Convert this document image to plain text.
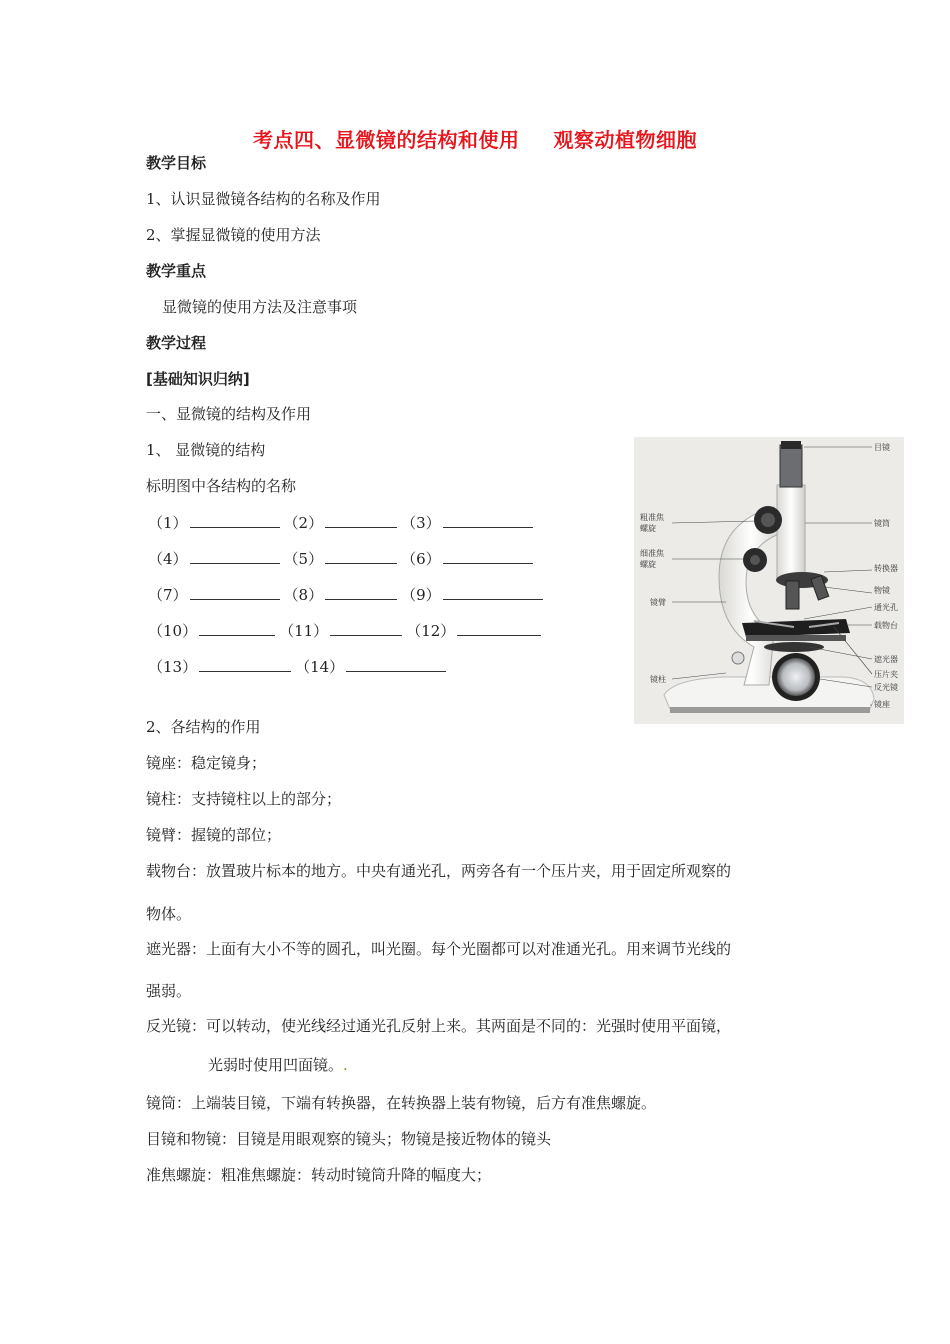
考点四、显微镜的结构和使用 观察动植物细胞
教学目标
1、认识显微镜各结构的名称及作用
2、掌握显微镜的使用方法
教学重点
显微镜的使用方法及注意事项
教学过程
[基础知识归纳]
一、显微镜的结构及作用
1、 显微镜的结构
标明图中各结构的名称
（1）	（2）	（3）
（4）	（5）	（6）
（7）	（8）	（9）
（10）	（11）	（12）
（13）	（14）
目镜
镜筒
粗准焦
螺旋
细准焦
螺旋	转换器
物镜
通光孔
载物台
镜臂
遮光器
压片夹
反光镜
镜柱
镜座
2、各结构的作用
镜座：稳定镜身；
镜柱：支持镜柱以上的部分；
镜臂：握镜的部位；
载物台：放置玻片标本的地方。中央有通光孔，两旁各有一个压片夹，用于固定所观察的
物体。
遮光器：上面有大小不等的圆孔，叫光圈。每个光圈都可以对准通光孔。用来调节光线的
强弱。
反光镜：可以转动，使光线经过通光孔反射上来。其两面是不同的：光强时使用平面镜，
光弱时使用凹面镜。.
镜筒：上端装目镜，下端有转换器，在转换器上装有物镜，后方有准焦螺旋。
目镜和物镜：目镜是用眼观察的镜头；物镜是接近物体的镜头
准焦螺旋：粗准焦螺旋：转动时镜筒升降的幅度大；
